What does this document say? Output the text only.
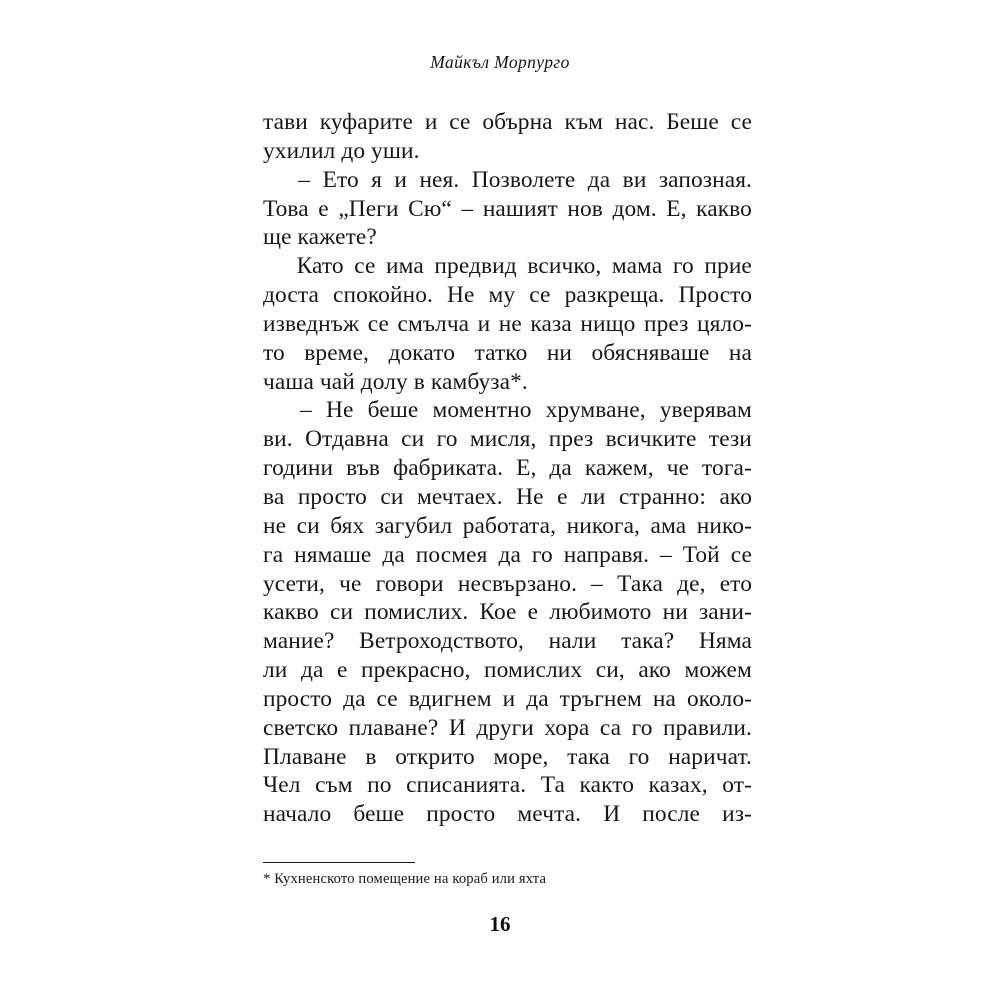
Майкъл Морпурго
тави куфарите и се обърна към нас. Беше се
ухилил до уши.
– Ето я и нея. Позволете да ви запозная.
Това е „Пеги Сю“ – нашият нов дом. Е, какво
ще кажете?
Като се има предвид всичко, мама го прие
доста спокойно. Не му се разкреща. Просто
изведнъж се смълча и не каза нищо през цяло-
то време, докато татко ни обясняваше на
чаша чай долу в камбуза*.
– Не беше моментно хрумване, уверявам
ви. Отдавна си го мисля, през всичките тези
години във фабриката. Е, да кажем, че тога-
ва просто си мечтаех. Не е ли странно: ако
не си бях загубил работата, никога, ама нико-
га нямаше да посмея да го направя. – Той се
усети, че говори несвързано. – Така де, ето
какво си помислих. Кое е любимото ни зани-
мание? Ветроходството, нали така? Няма
ли да е прекрасно, помислих си, ако можем
просто да се вдигнем и да тръгнем на около-
светско плаване? И други хора са го правили.
Плаване в открито море, така го наричат.
Чел съм по списанията. Та както казах, от-
начало беше просто мечта. И после из-
* Кухненското помещение на кораб или яхта
16
